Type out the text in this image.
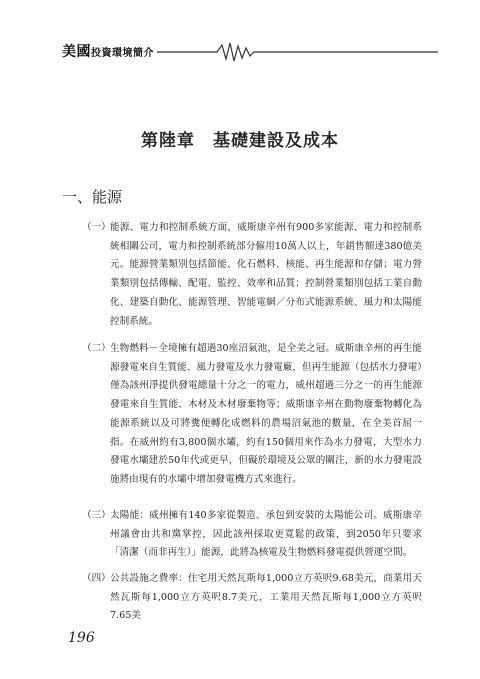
美國投資環境簡介
第陸章　基礎建設及成本
一、能源
（一） 能源、電力和控制系統方面，威斯康辛州有900多家能源、電力和控制系統相關公司，電力和控制系統部分僱用10萬人以上，年銷售額達380億美元。能源營業類別包括節能、化石燃料、核能、再生能源和存儲；電力營業類別包括傳輸、配電、監控、效率和品質；控制營業類別包括工業自動化、建築自動化、能源管理、智能電網／分布式能源系統、風力和太陽能控制系統。
（二） 生物燃料－全境擁有超過30座沼氣池，是全美之冠。威斯康辛州的再生能源發電來自生質能、風力發電及水力發電廠，但再生能源（包括水力發電）僅為該州淨提供發電總量十分之一的電力，威州超過三分之一的再生能源發電來自生質能、木材及木材廢棄物等；威斯康辛州在動物廢棄物轉化為能源系統以及可將糞便轉化成燃料的農場沼氣池的數量，在全美首屈一指。在威州約有3,800個水壩，約有150個用來作為水力發電，大型水力發電水壩建於50年代或更早，但礙於環境及公眾的關注，新的水力發電設施將由現有的水壩中增加發電機方式來進行。
（三） 太陽能：威州擁有140多家從製造、承包到安裝的太陽能公司。威斯康辛州議會由共和黨掌控，因此該州採取更寬鬆的政策，到2050年只要求「清潔（而非再生）」能源，此將為核電及生物燃料發電提供營運空間。
（四） 公共設施之費率：住宅用天然瓦斯每1,000立方英呎9.68美元，商業用天然瓦斯每1,000立方英呎8.7美元，工業用天然瓦斯每1,000立方英呎7.65美
196
